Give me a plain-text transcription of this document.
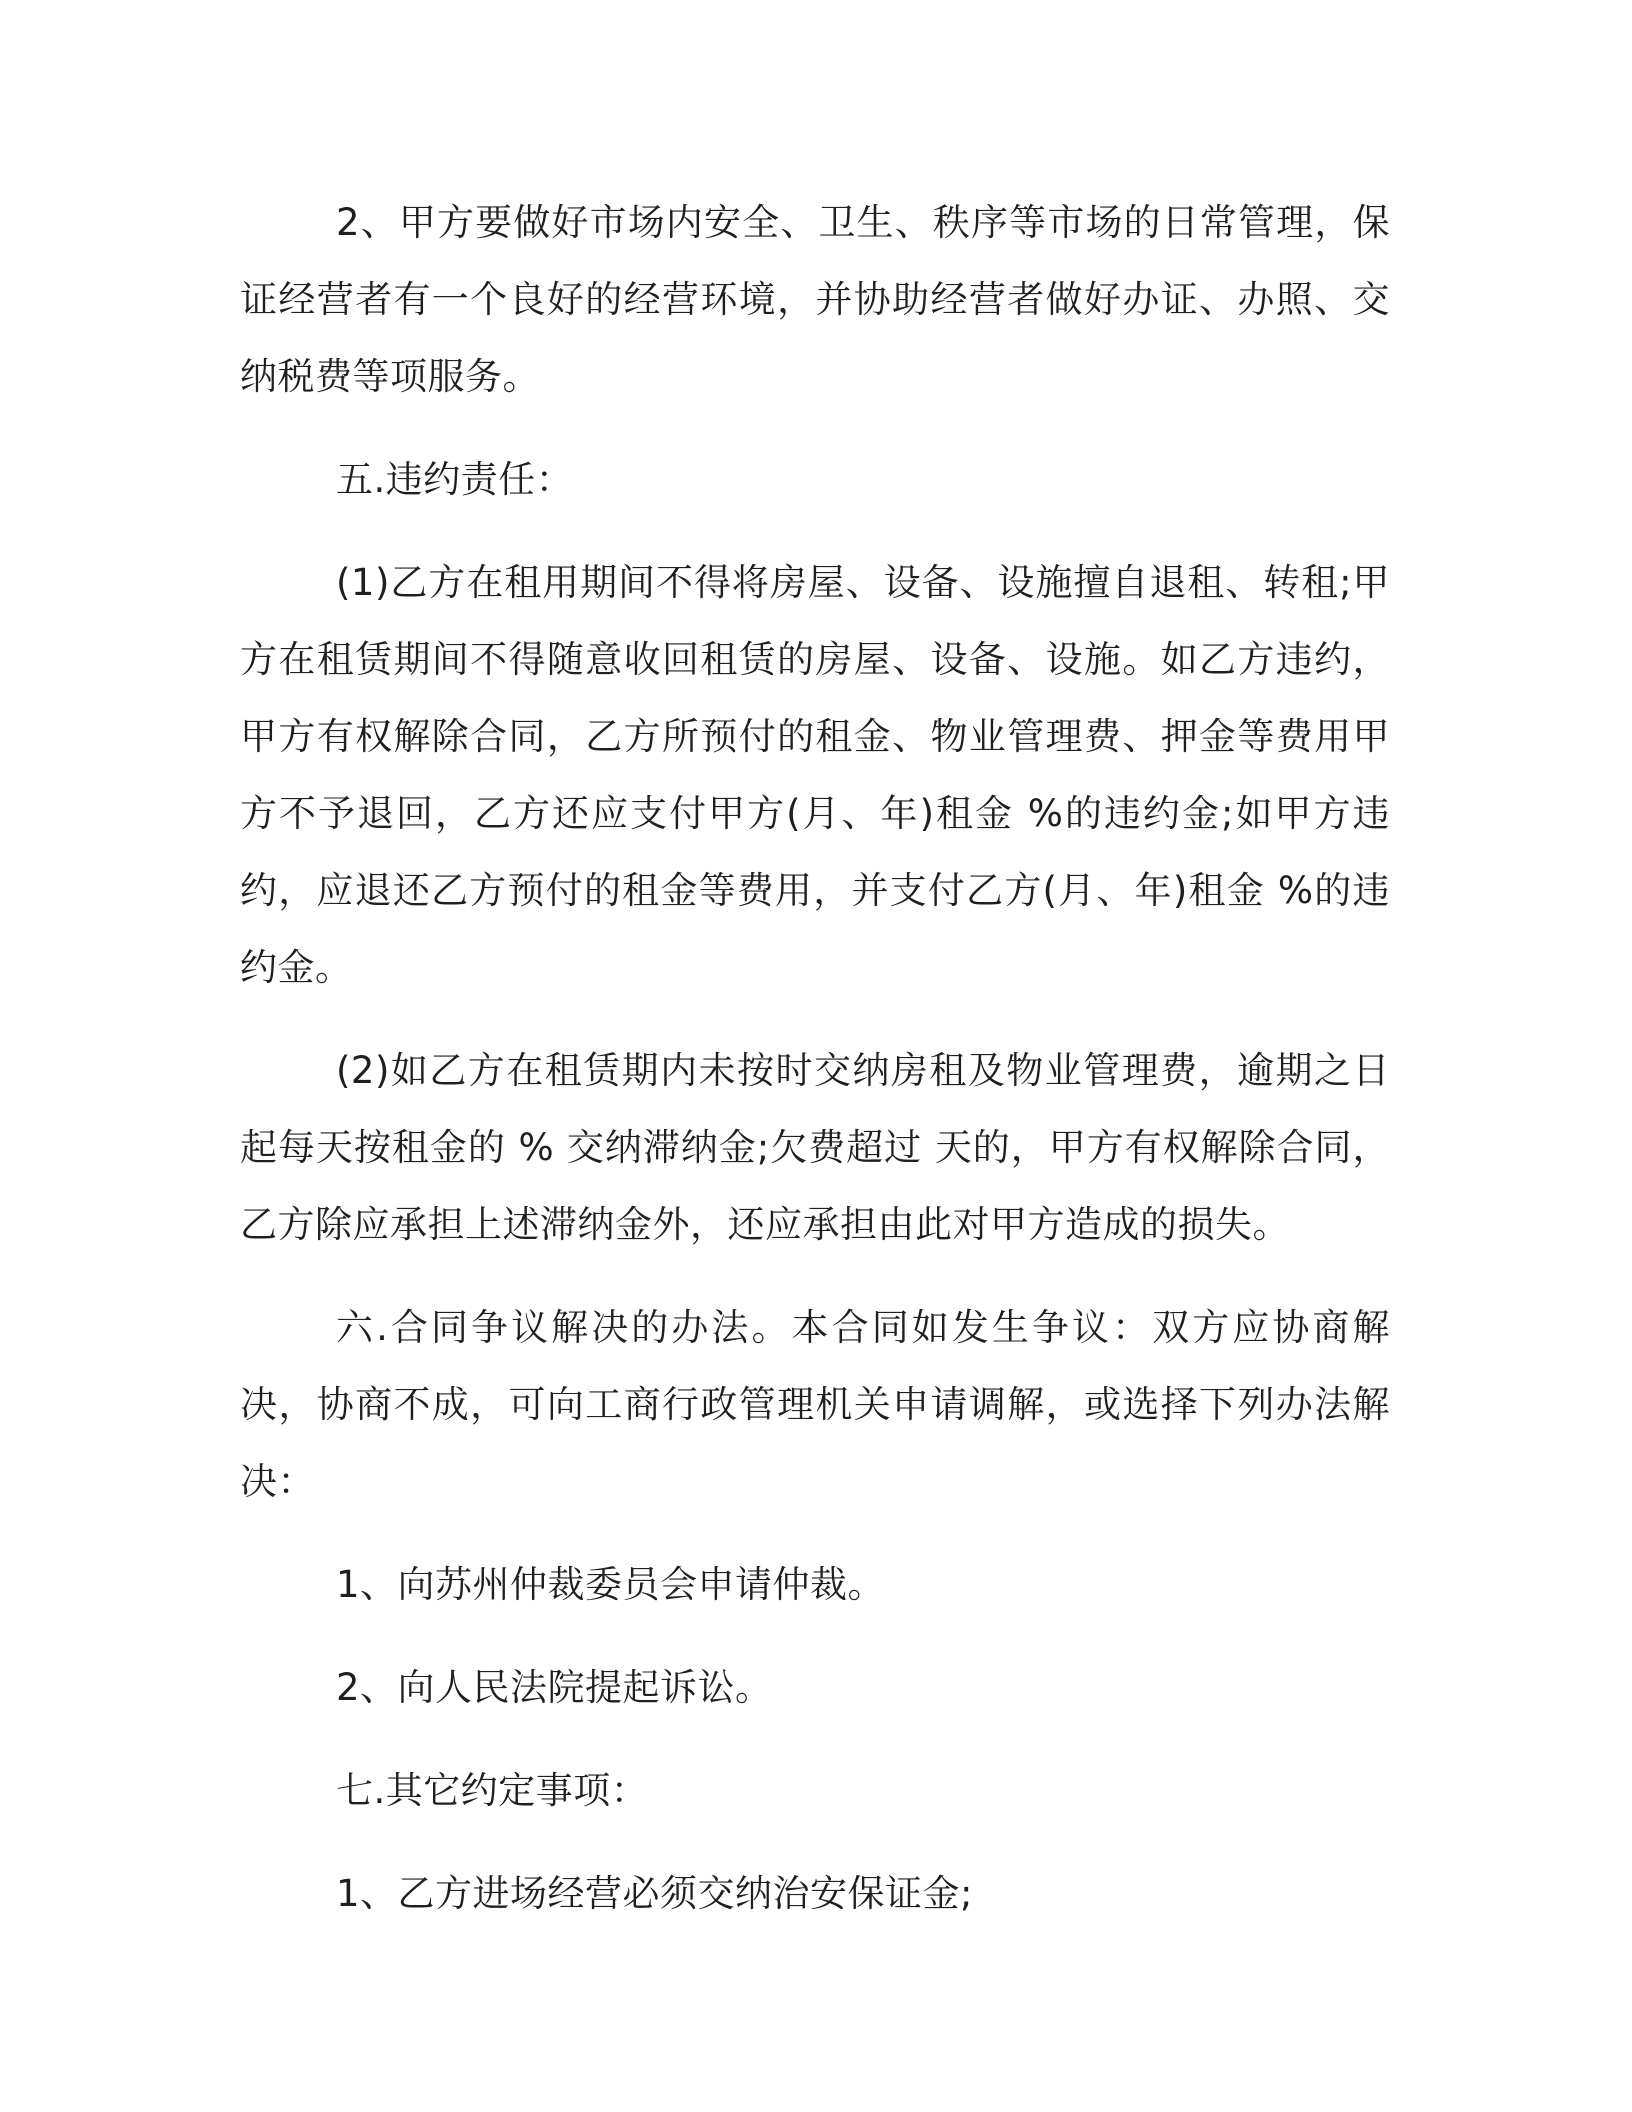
2、甲方要做好市场内安全、卫生、秩序等市场的日常管理，保证经营者有一个良好的经营环境，并协助经营者做好办证、办照、交纳税费等项服务。

五.违约责任：

(1)乙方在租用期间不得将房屋、设备、设施擅自退租、转租;甲方在租赁期间不得随意收回租赁的房屋、设备、设施。如乙方违约，甲方有权解除合同，乙方所预付的租金、物业管理费、押金等费用甲方不予退回，乙方还应支付甲方(月、年)租金 %的违约金;如甲方违约，应退还乙方预付的租金等费用，并支付乙方(月、年)租金 %的违约金。

(2)如乙方在租赁期内未按时交纳房租及物业管理费，逾期之日起每天按租金的 % 交纳滞纳金;欠费超过 天的，甲方有权解除合同，乙方除应承担上述滞纳金外，还应承担由此对甲方造成的损失。

六.合同争议解决的办法。本合同如发生争议：双方应协商解决，协商不成，可向工商行政管理机关申请调解，或选择下列办法解决：

1、向苏州仲裁委员会申请仲裁。

2、向人民法院提起诉讼。

七.其它约定事项：

1、乙方进场经营必须交纳治安保证金;
